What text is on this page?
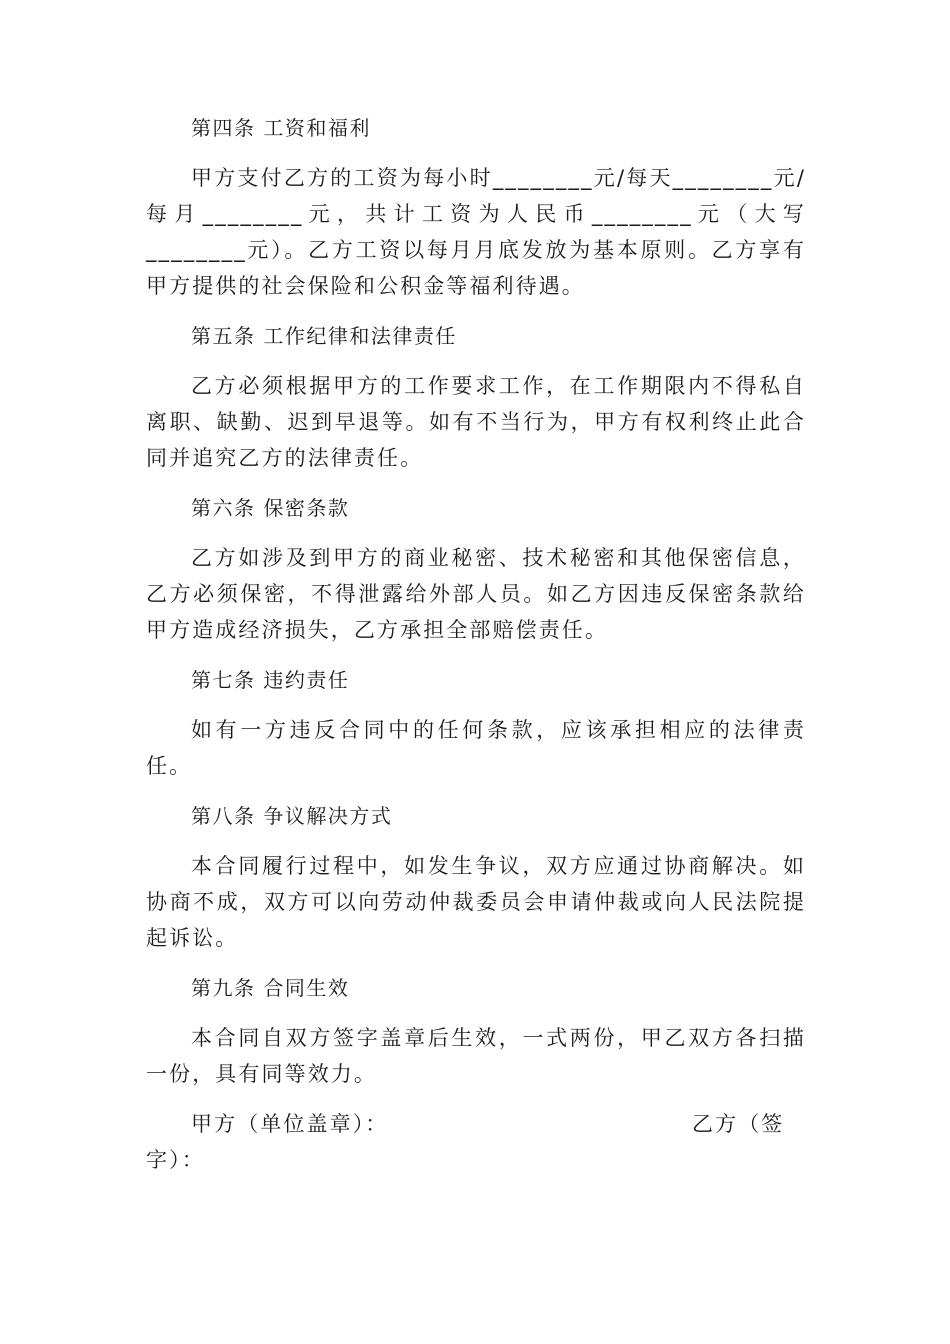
第四条 工资和福利

甲方支付乙方的工资为每小时________元/每天________元/每月________元，共计工资为人民币________元（大写________元）。乙方工资以每月月底发放为基本原则。乙方享有甲方提供的社会保险和公积金等福利待遇。

第五条 工作纪律和法律责任

乙方必须根据甲方的工作要求工作，在工作期限内不得私自离职、缺勤、迟到早退等。如有不当行为，甲方有权利终止此合同并追究乙方的法律责任。

第六条 保密条款

乙方如涉及到甲方的商业秘密、技术秘密和其他保密信息，乙方必须保密，不得泄露给外部人员。如乙方因违反保密条款给甲方造成经济损失，乙方承担全部赔偿责任。

第七条 违约责任

如有一方违反合同中的任何条款，应该承担相应的法律责任。

第八条 争议解决方式

本合同履行过程中，如发生争议，双方应通过协商解决。如协商不成，双方可以向劳动仲裁委员会申请仲裁或向人民法院提起诉讼。

第九条 合同生效

本合同自双方签字盖章后生效，一式两份，甲乙双方各扫描一份，具有同等效力。

甲方（单位盖章）：	乙方（签

字）：
